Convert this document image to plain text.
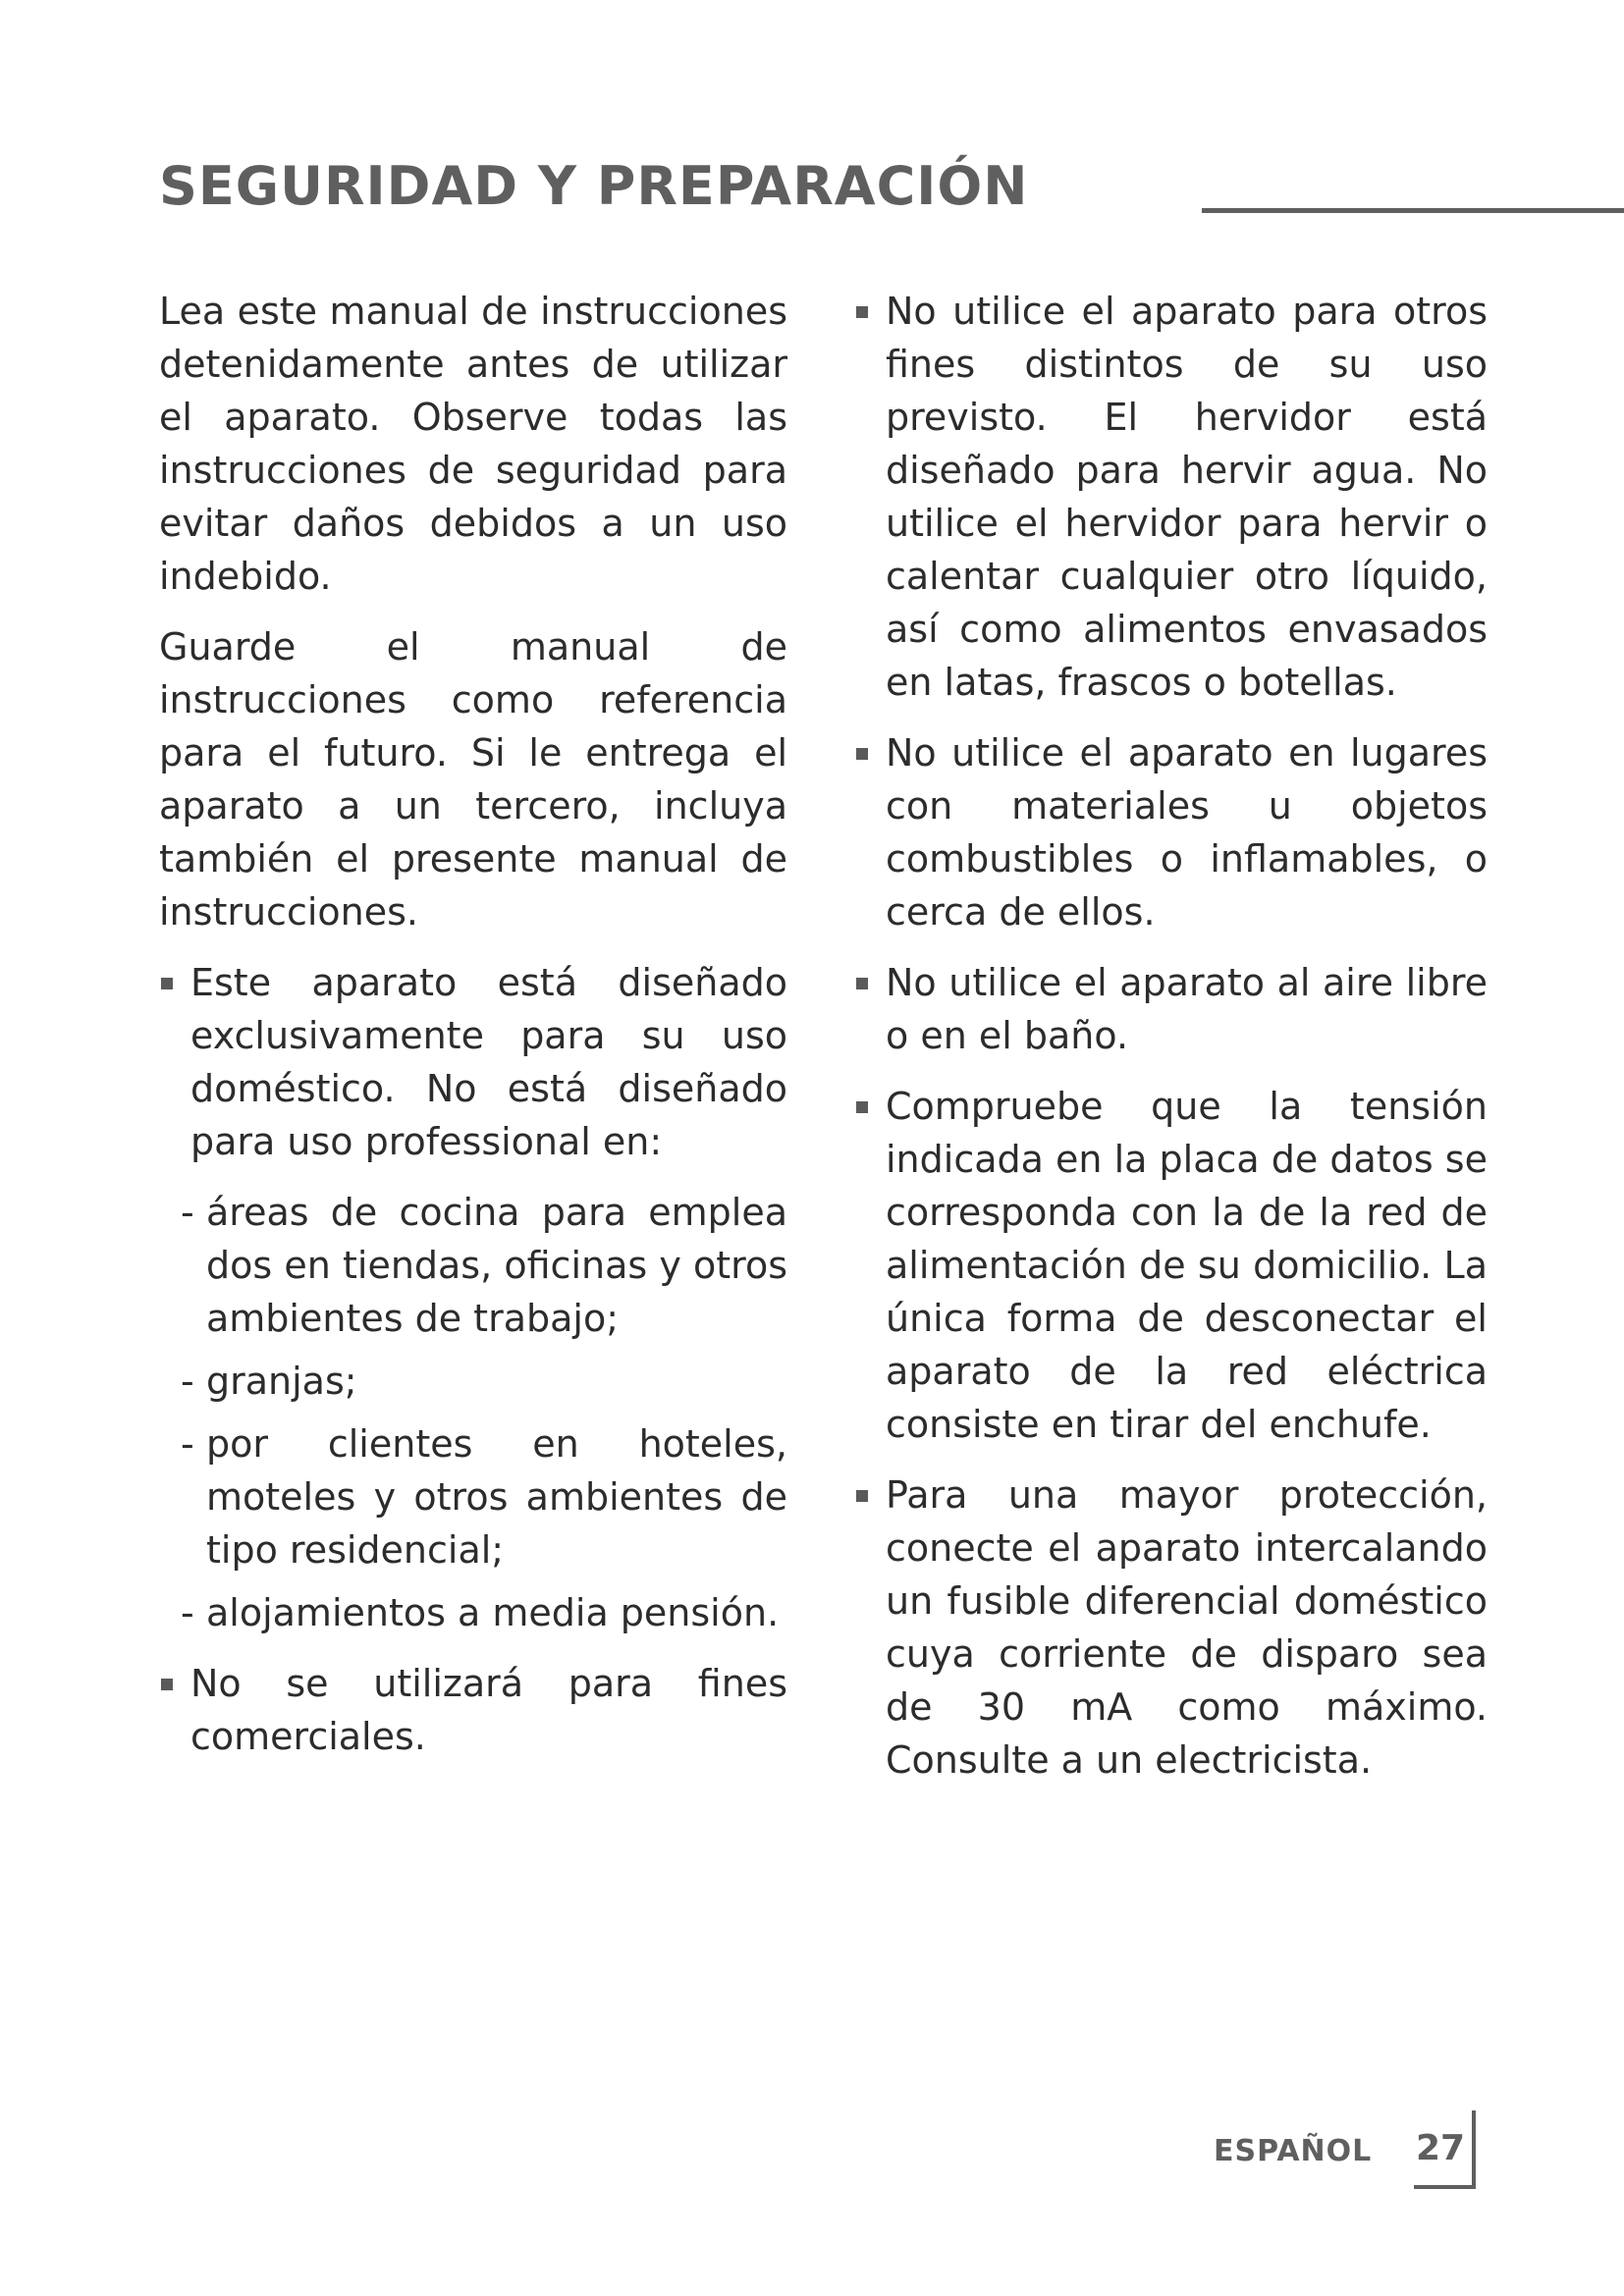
SEGURIDAD Y PREPARACIÓN

Lea este manual de instrucciones detenidamente antes de utilizar el aparato. Observe todas las instrucciones de seguridad para evitar daños debidos a un uso indebido.

Guarde el manual de instrucciones como referencia para el futuro. Si le entrega el aparato a un tercero, incluya también el presente manual de instrucciones.

Este aparato está diseñado exclusivamente para su uso doméstico. No está diseñado para uso professional en:
- áreas de cocina para emplea dos en tiendas, oficinas y otros ambientes de trabajo;
- granjas;
- por clientes en hoteles, moteles y otros ambientes de tipo residencial;
- alojamientos a media pensión.
No se utilizará para fines comerciales.
No utilice el aparato para otros fines distintos de su uso previsto. El hervidor está diseñado para hervir agua. No utilice el hervidor para hervir o calentar cualquier otro líquido, así como alimentos envasados en latas, frascos o botellas.
No utilice el aparato en lugares con materiales u objetos combustibles o inflamables, o cerca de ellos.
No utilice el aparato al aire libre o en el baño.
Compruebe que la tensión indicada en la placa de datos se corresponda con la de la red de alimentación de su domicilio. La única forma de desconectar el aparato de la red eléctrica consiste en tirar del enchufe.
Para una mayor protección, conecte el aparato intercalando un fusible diferencial doméstico cuya corriente de disparo sea de 30 mA como máximo. Consulte a un electricista.
ESPAÑOL 27
